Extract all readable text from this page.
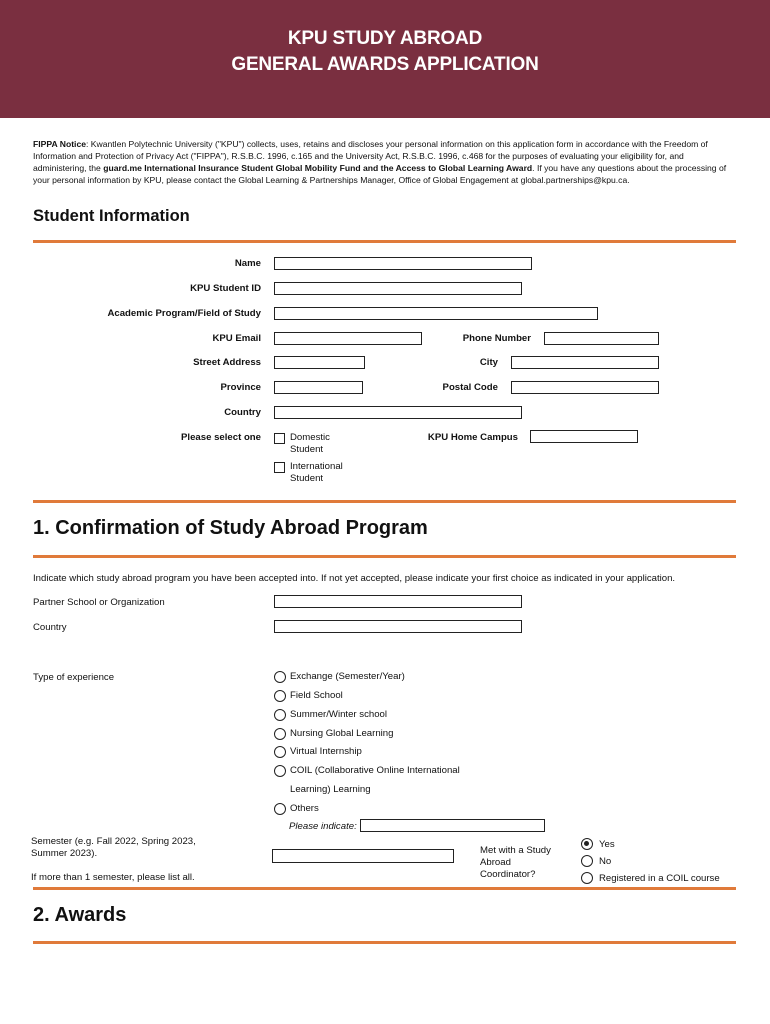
KPU STUDY ABROAD
GENERAL AWARDS APPLICATION
FIPPA Notice: Kwantlen Polytechnic University ("KPU") collects, uses, retains and discloses your personal information on this application form in accordance with the Freedom of Information and Protection of Privacy Act ("FIPPA"), R.S.B.C. 1996, c.165 and the University Act, R.S.B.C. 1996, c.468 for the purposes of evaluating your eligibility for, and administering, the guard.me International Insurance Student Global Mobility Fund and the Access to Global Learning Award. If you have any questions about the processing of your personal information by KPU, please contact the Global Learning & Partnerships Manager, Office of Global Engagement at global.partnerships@kpu.ca.
Student Information
Name
KPU Student ID
Academic Program/Field of Study
KPU Email	Phone Number
Street Address	City
Province	Postal Code
Country
Please select one	Domestic
Student
International
Student
KPU Home Campus
1. Confirmation of Study Abroad Program
Indicate which study abroad program you have been accepted into. If not yet accepted, please indicate your first choice as indicated in your application.
Partner School or Organization
Country
Type of experience	Exchange (Semester/Year)
Field School
Summer/Winter school
Nursing Global Learning
Virtual Internship
COIL (Collaborative Online International
Learning) Learning
Others
Please indicate:
Semester (e.g. Fall 2022, Spring 2023,
Summer 2023).
If more than 1 semester, please list all.
Met with a Study
Abroad
Coordinator?
Yes
No
Registered in a COIL course
2. Awards
